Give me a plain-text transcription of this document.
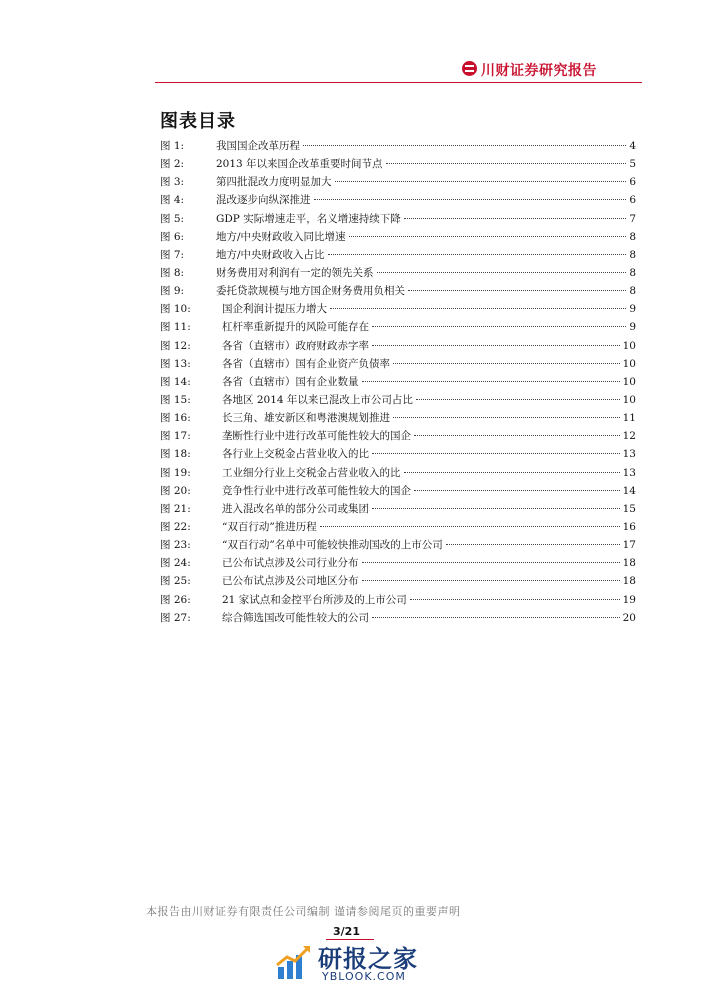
川财证券研究报告
图表目录
图 1:	我国国企改革历程	4
图 2:	2013 年以来国企改革重要时间节点	5
图 3:	第四批混改力度明显加大	6
图 4:	混改逐步向纵深推进	6
图 5:	GDP 实际增速走平，名义增速持续下降	7
图 6:	地方/中央财政收入同比增速	8
图 7:	地方/中央财政收入占比	8
图 8:	财务费用对利润有一定的领先关系	8
图 9:	委托贷款规模与地方国企财务费用负相关	8
图 10:	国企利润计提压力增大	9
图 11:	杠杆率重新提升的风险可能存在	9
图 12:	各省（直辖市）政府财政赤字率	10
图 13:	各省（直辖市）国有企业资产负债率	10
图 14:	各省（直辖市）国有企业数量	10
图 15:	各地区 2014 年以来已混改上市公司占比	10
图 16:	长三角、雄安新区和粤港澳规划推进	11
图 17:	垄断性行业中进行改革可能性较大的国企	12
图 18:	各行业上交税金占营业收入的比	13
图 19:	工业细分行业上交税金占营业收入的比	13
图 20:	竞争性行业中进行改革可能性较大的国企	14
图 21:	进入混改名单的部分公司或集团	15
图 22:	“双百行动”推进历程	16
图 23:	“双百行动”名单中可能较快推动国改的上市公司	17
图 24:	已公布试点涉及公司行业分布	18
图 25:	已公布试点涉及公司地区分布	18
图 26:	21 家试点和金控平台所涉及的上市公司	19
图 27:	综合筛选国改可能性较大的公司	20
本报告由川财证券有限责任公司编制 谨请参阅尾页的重要声明
3/21
研报之家
YBLOOK.COM
